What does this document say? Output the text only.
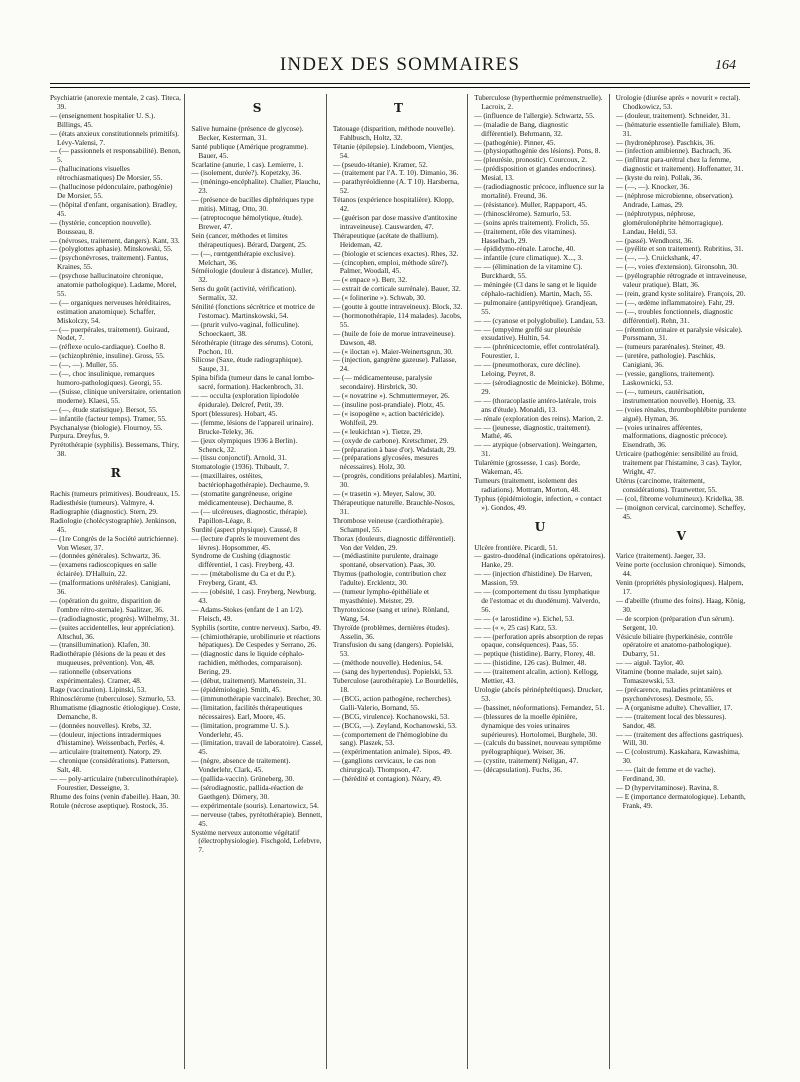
INDEX DES SOMMAIRES	164
Psychiatrie (anorexie mentale, 2 cas). Titeca, 39.
— (enseignement hospitalier U. S.). Billings, 45.
— (états anxieux constitutionnels primitifs). Lévy-Valensi, 7.
— (— passionnels et responsabilité). Benon, 5.
— (hallucinations visuelles rétrochiasmatiques) De Morsier, 55.
— (hallucinose pédonculaire, pathogénie) De Morsier, 55.
— (hôpital d'enfant, organisation). Bradley, 45.
— (hystérie, conception nouvelle). Bousseau, 8.
— (névroses, traitement, dangers). Kant, 33.
— (polyglottes aphasie). Minskowski, 55.
— (psychonévroses, traitement). Fantus, Kraines, 55.
— (psychose hallucinatoire chronique, anatomie pathologique). Ladame, Morel, 55.
— (— organiques nerveuses héréditaires, estimation anatomique). Schaffer, Miskolczy, 54.
— (— puerpérales, traitement). Guiraud, Nodet, 7.
— (réflexe oculo-cardiaque). Coelho 8.
— (schizophrénie, insuline). Gross, 55.
— (—, —). Muller, 55.
— (—, choc insulinique, remarques humoro-pathologiques). Georgi, 55.
— (Suisse, clinique universitaire, orientation moderne). Klaesi, 55.
— (—, étude statistique). Bersot, 55.
— infantile (facteur temps). Tramer, 55.
Psychanalyse (biologie). Flournoy, 55.
Purpura. Dreyfus, 9.
Pyrétothérapie (syphilis). Bessemans, Thiry, 38.
R
Rachis (tumeurs primitives). Boudreaux, 15.
Radiesthésie (tumeurs). Valmyre, 4.
Radiographie (diagnostic). Stern, 29.
Radiologie (cholécystographie). Jenkinson, 45.
— (1re Congrès de la Société autrichienne). Von Wieser, 37.
— (données générales). Schwartz, 36.
— (examens radioscopiques en salle éclairée). D'Halluin, 22.
— (malformations urétérales). Canigiani, 36.
— (opération du goitre, disparition de l'ombre rétro-sternale). Saalitzer, 36.
— (radiodiagnostic, progrès). Wilhelmy, 31.
— (suites accidentelles, leur appréciation). Altschul, 36.
— (transillumination). Klafen, 30.
Radiothérapie (lésions de la peau et des muqueuses, prévention). Von, 48.
— rationnelle (observations expérimentales). Cramer, 48.
Rage (vaccination). Lipinski, 53.
Rhinosclérome (tuberculose). Szmurlo, 53.
Rhumatisme (diagnostic étiologique). Coste, Demanche, 8.
— (données nouvelles). Krebs, 32.
— (douleur, injections intradermiques d'histamine). Weissenbach, Perlès, 4.
— articulaire (traitement). Natorp, 29.
— chronique (considérations). Patterson, Salt, 48.
— — poly-articulaire (tuberculinothérapie). Fourestier, Desseigne, 3.
Rhume des foins (venin d'abeille). Haan, 30.
Rotule (nécrose aseptique). Rostock, 35.
S
Salive humaine (présence de glycose). Becker, Kesterman, 31.
Santé publique (Amérique programme). Bauer, 45.
Scarlatine (anurie, 1 cas). Lemierre, 1.
— (isolement, durée?). Kopetzky, 36.
— (méningo-encéphalite). Chalier, Plauchu, 23.
— (présence de bacilles diphtériques type mitis). Mittag, Otto, 30.
— (atreptocoque hémolytique, étude). Brewer, 47.
Sein (cancer, méthodes et limites thérapeutiques). Bérard, Dargent, 25.
— (—, rœntgenthérapie exclusive). Melchart, 36.
Séméiologie (douleur à distance). Muller, 32.
Sens du goût (activité, vérification). Sermalix, 32.
Sénilité (fonctions sécrétrice et motrice de l'estomac). Martinskowski, 54.
— (prurit vulvo-vaginal, folliculine). Schoeckaert, 38.
Sérothérapie (titrage des sérums). Cotoni, Pochon, 10.
Silicose (Saxe, étude radiographique). Saupe, 31.
Spina bifida (tumeur dans le canal lombo-sacré, formation). Hackenbroch, 31.
— — occulta (exploration lipiodolée épidurale). Delcref, Petit, 39.
Sport (blessures). Hobart, 45.
— (femme, lésions de l'appareil urinaire). Brucke-Teleky, 36.
— (jeux olympiques 1936 à Berlin). Schenck, 32.
— (tissu conjonctif). Arnold, 31.
Stomatologie (1936). Thibault, 7.
— (maxillaires, ostéites, bactériophagothérapie). Dechaume, 9.
— (stomatite gangréneuse, origine médicamenteuse). Dechaume, 8.
— (— ulcéreuses, diagnostic, thérapie). Papillon-Léage, 8.
Surdité (aspect physique). Caussé, 8
— (lecture d'après le mouvement des lèvres). Hopsommer, 45.
Syndrome de Cushing (diagnostic différentiel, 1 cas). Freyberg, 43.
— — (métabolisme du Ca et du P.). Freyberg, Grant, 43.
— — (obésité, 1 cas). Freyberg, Newburg, 43.
— Adams-Stokes (enfant de 1 an 1/2). Fleisch, 49.
Syphilis (sortite, contre nerveux). Sarbo, 49.
— (chimiothérapie, urobilinurie et réactions hépatiques). De Cespedes y Serrano, 26.
— (diagnostic dans le liquide céphalo-rachidien, méthodes, comparaison). Bering, 29.
— (début, traitement). Martenstein, 31.
— (épidémiologie). Smith, 45.
— (immunothérapie vaccinale). Brecher, 30.
— (limitation, facilités thérapeutiques nécessaires). Earl, Moore, 45.
— (limitation, programme U. S.). Vonderlehr, 45.
— (limitation, travail de laboratoire). Cassel, 45.
— (nègre, absence de traitement). Vonderlehr, Clark, 45.
— (pallida-vaccin). Grüneberg, 30.
— (sérodiagnostic, pallida-réaction de Gaethgen). Dörnery, 30.
— expérimentale (souris). Lenartowicz, 54.
— nerveuse (tabes, pyrétothérapie). Bennett, 45.
Système nerveux autonome végétatif (électrophysiologie). Fischgold, Lefebvre, 7.
T
Tatouage (disparition, méthode nouvelle). Fahlbusch, Holtz, 32.
Tétanie (épilepsie). Lindeboom, Vientjes, 54.
— (pseudo-tétanie). Kramer, 52.
— (traitement par l'A. T. 10). Dimanio, 36.
— parathyréoïdienne (A. T 10). Harsberna, 52.
Tétanos (expérience hospitalière). Klopp, 42.
— (guérison par dose massive d'antitoxine intraveineuse). Causwarden, 47.
Thérapeutique (acétate de thallium). Heideman, 42.
— (biologie et sciences exactes). Rhes, 32.
— (cincophen, emploi, méthode sûre?). Palmer, Woodall, 45.
— (« enpace »). Berr, 32.
— extrait de corticale surrénale). Bauer, 32.
— (« folinerine »). Schwab, 30.
— (goutte à goutte intraveineux). Block, 32.
— (hormonothérapie, 114 malades). Jacobs, 55.
— (huile de foie de morue intraveineuse). Dawson, 48.
— (« iloctan »). Maier-Weinertsgrun, 30.
— (injection, gangrène gazeuse). Pallasse, 24.
— (— médicamenteuse, paralysie secondaire). Hirsbrick, 30.
— (« novatrine »). Schmuttermeyer, 26.
— (insuline post-prandiale). Plotz, 45.
— (« isopogène », action bactéricide). Wohlfeil, 29.
— (« leukichtan »). Tietze, 29.
— (oxyde de carbone). Kretschmer, 29.
— (préparation à base d'or). Wadstadt, 29.
— (préparations glycosées, mesures nécessaires). Holz, 30.
— (progrès, conditions préalables). Martini, 30.
— (« trasetin »). Meyer, Salow, 30.
Thérapeutique naturelle. Brauchle-Nosos, 31.
Thrombose veineuse (cardiothérapie). Schampel, 55.
Thorax (douleurs, diagnostic différentiel). Von der Velden, 29.
— (médiastinite purulente, drainage spontané, observation). Paas, 30.
Thymus (pathologie, contribution chez l'adulte). Ercklentz, 30.
— (tumeur lympho-épithéliale et myasthénie). Meister, 29.
Thyrotoxicose (sang et urine). Rönland, Wang, 54.
Thyroïde (problèmes, dernières études). Asselin, 36.
Transfusion du sang (dangers). Popielski, 53.
— (méthode nouvelle). Hedenius, 54.
— (sang des hypertendus). Popielski, 53.
Tuberculose (aurothérapie). Le Bourdellès, 18.
— (BCG, action pathogène, recherches). Galli-Valerio, Bornand, 55.
— (BCG, virulence). Kochanowski, 53.
— (BCG, —). Zeyland, Kochanowski, 53.
— (comportement de l'hémoglobine du sang). Plaszek, 53.
— (expérimentation animale). Sipos, 49.
— (ganglions cervicaux, le cas non chirurgical). Thompson, 47.
— (hérédité et contagion). Néary, 49.
Tuberculose (hyperthermie prémenstruelle). Lacroix, 2.
— (influence de l'allergie). Schwartz, 55.
— (maladie de Bang, diagnostic différentiel). Behrmann, 32.
— (pathogénie). Pinner, 45.
— (physiopathogénie des lésions). Pons, 8.
— (pleurésie, pronostic). Courcoux, 2.
— (prédisposition et glandes endocrines). Mesial, 13.
— (radiodiagnostic précoce, influence sur la mortalité). Freund, 36.
— (résistance). Muller, Rappaport, 45.
— (rhinosclérome). Szmurlo, 53.
— (soins après traitement). Frolich, 55.
— (traitement, rôle des vitamines). Hasselbach, 29.
— épididymo-rénale. Laroche, 40.
— infantile (cure climatique). X..., 3.
— — (élimination de la vitamine C). Burckhardt, 55.
— méningée (Cl dans le sang et le liquide céphalo-rachidien). Martin, Mach, 55.
— pulmonaire (antipyrétique). Grandjean, 55.
— — (cyanose et polyglobulie). Landau, 53.
— — (empyème greffé sur pleurésie exsudative). Hultin, 54.
— — (phrénicectomie, effet controlatéral). Fourestier, 1.
— — (pneumothorax, cure décline). Leloing, Peyret, 8.
— — (sérodiagnostic de Meinicke). Böhme, 29.
— — (thoracoplastie antéro-latérale, trois ans d'étude). Monaldi, 13.
— rénale (exploration des reins). Marion, 2.
— — (jeunesse, diagnostic, traitement). Mathé, 46.
— — atypique (observation). Weingarten, 31.
Tularémie (grossesse, 1 cas). Borde, Wakeman, 45.
Tumeurs (traitement, isolement des radiations). Mottram, Morton, 48.
Typhus (épidémiologie, infection, « contact »). Gondos, 49.
U
Ulcère frontière. Picardi, 51.
— gastro-duodénal (indications opératoires). Hanke, 29.
— — (injection d'histidine). De Harven, Massion, 59.
— — (comportement du tissu lymphatique de l'estomac et du duodénum). Valverdo, 56.
— — (« larostidine »). Eichel, 53.
— — (« », 25 cas) Katz, 53.
— — (perforation après absorption de repas opaque, conséquences). Paas, 55.
— peptique (histidine). Barry, Florey, 48.
— — (histidine, 126 cas). Bulmer, 48.
— — (traitement alcalin, action). Kellogg, Mettier, 43.
Urologie (abcès périnéphrétiques). Drucker, 53.
— (bassinet, néoformations). Fernandez, 51.
— (blessures de la moelle épinière, dynamique des voies urinaires supérieures). Hortolomei, Burghele, 30.
— (calculs du bassinet, nouveau symptôme pyélographique). Weiser, 36.
— (cystite, traitement) Neligan, 47.
— (décapsulation). Fuchs, 36.
Urologie (diurèse après « novurit » rectal). Chodkowicz, 53.
— (douleur, traitement). Schneider, 31.
— (hématurie essentielle familiale). Blum, 31.
— (hydronéphrose). Paschkis, 36.
— (infection amibienne). Bachrach, 36.
— (infiltrat para-urétral chez la femme, diagnostic et traitement). Hoffenatter, 31.
— (kyste du rein). Pollak, 36.
— (—, —). Knocker, 36.
— (néphrose microbienne, observation). Andrade, Lamas, 29.
— (néphrotypus, néphrose, glomérulonéphrite hémorragique). Landau, Heldi, 53.
— (passé). Wendhorst, 36.
— (pyélite et son traitement). Rubritius, 31.
— (—, —). Cruickshank, 47.
— (—, voies d'extension). Gironsohn, 30.
— (pyélographie rétrograde et intraveineuse, valeur pratique). Blatt, 36.
— (rein, grand kyste solitaire). François, 20.
— (—, œdème inflammatoire). Fahr, 29.
— (—, troubles fonctionnels, diagnostic différentiel). Rehn, 31.
— (rétention urinaire et paralysie vésicale). Porssmann, 31.
— (tumeurs pararénales). Steiner, 49.
— (uretère, pathologie). Paschkis, Canigiani, 36.
— (vessie, ganglions, traitement). Laskownicki, 53.
— (—, tumeurs, cautérisation, instrumentation nouvelle). Hoenig, 33.
— (voies rénales, thrombophlébite purulente aiguë). Hyman, 36.
— (voies urinaires afférentes, malformations, diagnostic précoce). Eisendrath, 36.
Urticaire (pathogénie: sensibilité au froid, traitement par l'histamine, 3 cas). Taylor, Wright, 47.
Utérus (carcinome, traitement, considérations). Trautwetter, 55.
— (col, fibrome volumineux). Kridelka, 38.
— (moignon cervical, carcinome). Scheffey, 45.
V
Varice (traitement). Jaeger, 33.
Veine porte (occlusion chronique). Simonds, 44.
Venin (propriétés physiologiques). Halpern, 17.
— d'abeille (rhume des foins). Haag, König, 30.
— de scorpion (préparation d'un sérum). Sergent, 10.
Vésicule biliaire (hyperkinésie, contrôle opératoire et anatomo-pathologique). Dubarry, 51.
— — aiguë. Taylor, 40.
Vitamine (bonne malade, sujet sain). Tomaszewski, 53.
— (précarence, maladies printanières et psychonévroses). Desmole, 55.
— A (organisme adulte). Chevallier, 17.
— — (traitement local des blessures). Sandor, 48.
— — (traitement des affections gastriques). Will, 30.
— C (colostrum). Kaskahara, Kawashima, 30.
— — (lait de femme et de vache). Ferdinand, 30.
— D (hypervitaminose). Ravina, 8.
— E (importance dermatologique). Lebanth, Frank, 49.
